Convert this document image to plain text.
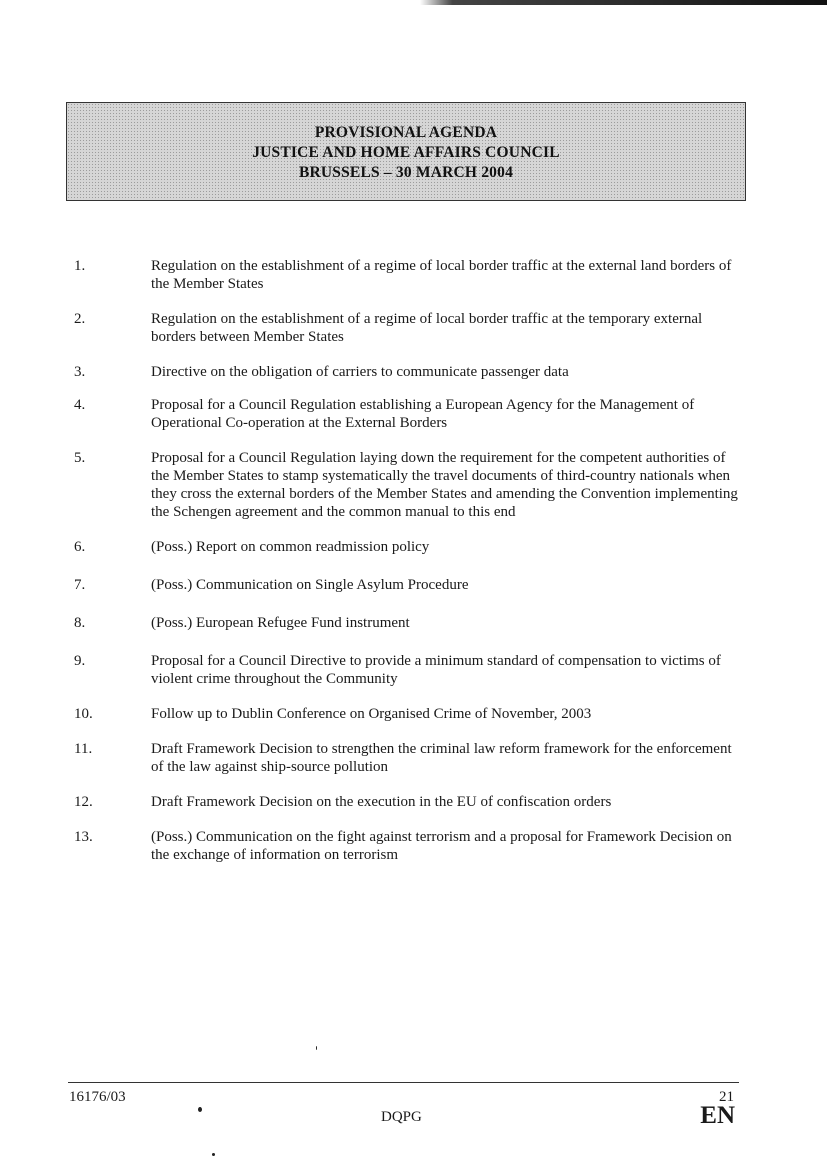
PROVISIONAL AGENDA
JUSTICE AND HOME AFFAIRS COUNCIL
BRUSSELS – 30 MARCH 2004
1.	Regulation on the establishment of a regime of local border traffic at the external land borders of the Member States
2.	Regulation on the establishment of a regime of local border traffic at the temporary external borders between Member States
3.	Directive on the obligation of carriers to communicate passenger data
4.	Proposal for a Council Regulation establishing a European Agency for the Management of Operational Co-operation at the External Borders
5.	Proposal for a Council Regulation laying down the requirement for the competent authorities of the Member States to stamp systematically the travel documents of third-country nationals when they cross the external borders of the Member States and amending the Convention implementing the Schengen agreement and the common manual to this end
6.	(Poss.) Report on common readmission policy
7.	(Poss.) Communication on Single Asylum Procedure
8.	(Poss.) European Refugee Fund instrument
9.	Proposal for a Council Directive to provide a minimum standard of compensation to victims of violent crime throughout the Community
10.	Follow up to Dublin Conference on Organised Crime of November, 2003
11.	Draft Framework Decision to strengthen the criminal law reform framework for the enforcement of the law against ship-source pollution
12.	Draft Framework Decision on the execution in the EU of confiscation orders
13.	(Poss.) Communication on the fight against terrorism and a proposal for Framework Decision on the exchange of information on terrorism
16176/03	21
DQPG	EN
